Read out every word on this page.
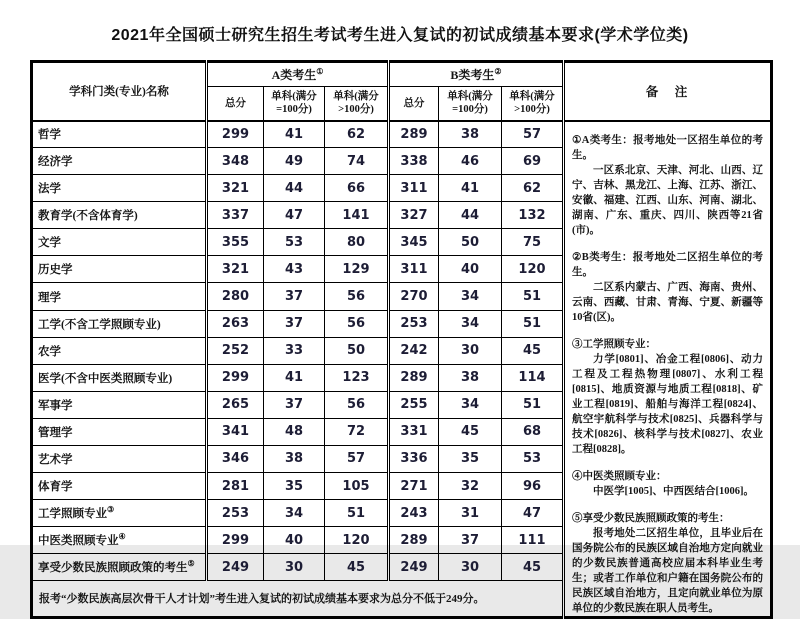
2021年全国硕士研究生招生考试考生进入复试的初试成绩基本要求(学术学位类)
学科门类(专业)名称	A类考生①			B类考生②			备　注
	总分	单科(满分 =100分)	单科(满分 >100分)	总分	单科(满分 =100分)	单科(满分 >100分)	
哲学	299	41	62	289	38	57	①A类考生：报考地处一区招生单位的考生。
一区系北京、天津、河北、山西、辽宁、吉林、黑龙江、上海、江苏、浙江、安徽、福建、江西、山东、河南、湖北、湖南、广东、重庆、四川、陕西等21省(市)。
②B类考生：报考地处二区招生单位的考生。
二区系内蒙古、广西、海南、贵州、云南、西藏、甘肃、青海、宁夏、新疆等10省(区)。
③工学照顾专业：
力学[0801]、冶金工程[0806]、动力工程及工程热物理[0807]、水利工程[0815]、地质资源与地质工程[0818]、矿业工程[0819]、船舶与海洋工程[0824]、航空宇航科学与技术[0825]、兵器科学与技术[0826]、核科学与技术[0827]、农业工程[0828]。
④中医类照顾专业：
中医学[1005]、中西医结合[1006]。
⑤享受少数民族照顾政策的考生：
报考地处二区招生单位，且毕业后在国务院公布的民族区域自治地方定向就业的少数民族普通高校应届本科毕业生考生；或者工作单位和户籍在国务院公布的民族区域自治地方，且定向就业单位为原单位的少数民族在职人员考生。

经济学	348	49	74	338	46	69	
法学	321	44	66	311	41	62	
教育学(不含体育学)	337	47	141	327	44	132	
文学	355	53	80	345	50	75	
历史学	321	43	129	311	40	120	
理学	280	37	56	270	34	51	
工学(不含工学照顾专业)	263	37	56	253	34	51	
农学	252	33	50	242	30	45	
医学(不含中医类照顾专业)	299	41	123	289	38	114	
军事学	265	37	56	255	34	51	
管理学	341	48	72	331	45	68	
艺术学	346	38	57	336	35	53	
体育学	281	35	105	271	32	96	
工学照顾专业③	253	34	51	243	31	47	
中医类照顾专业④	299	40	120	289	37	111	
享受少数民族照顾政策的考生⑤	249	30	45	249	30	45	
报考“少数民族高层次骨干人才计划”考生进入复试的初试成绩基本要求为总分不低于249分。							
